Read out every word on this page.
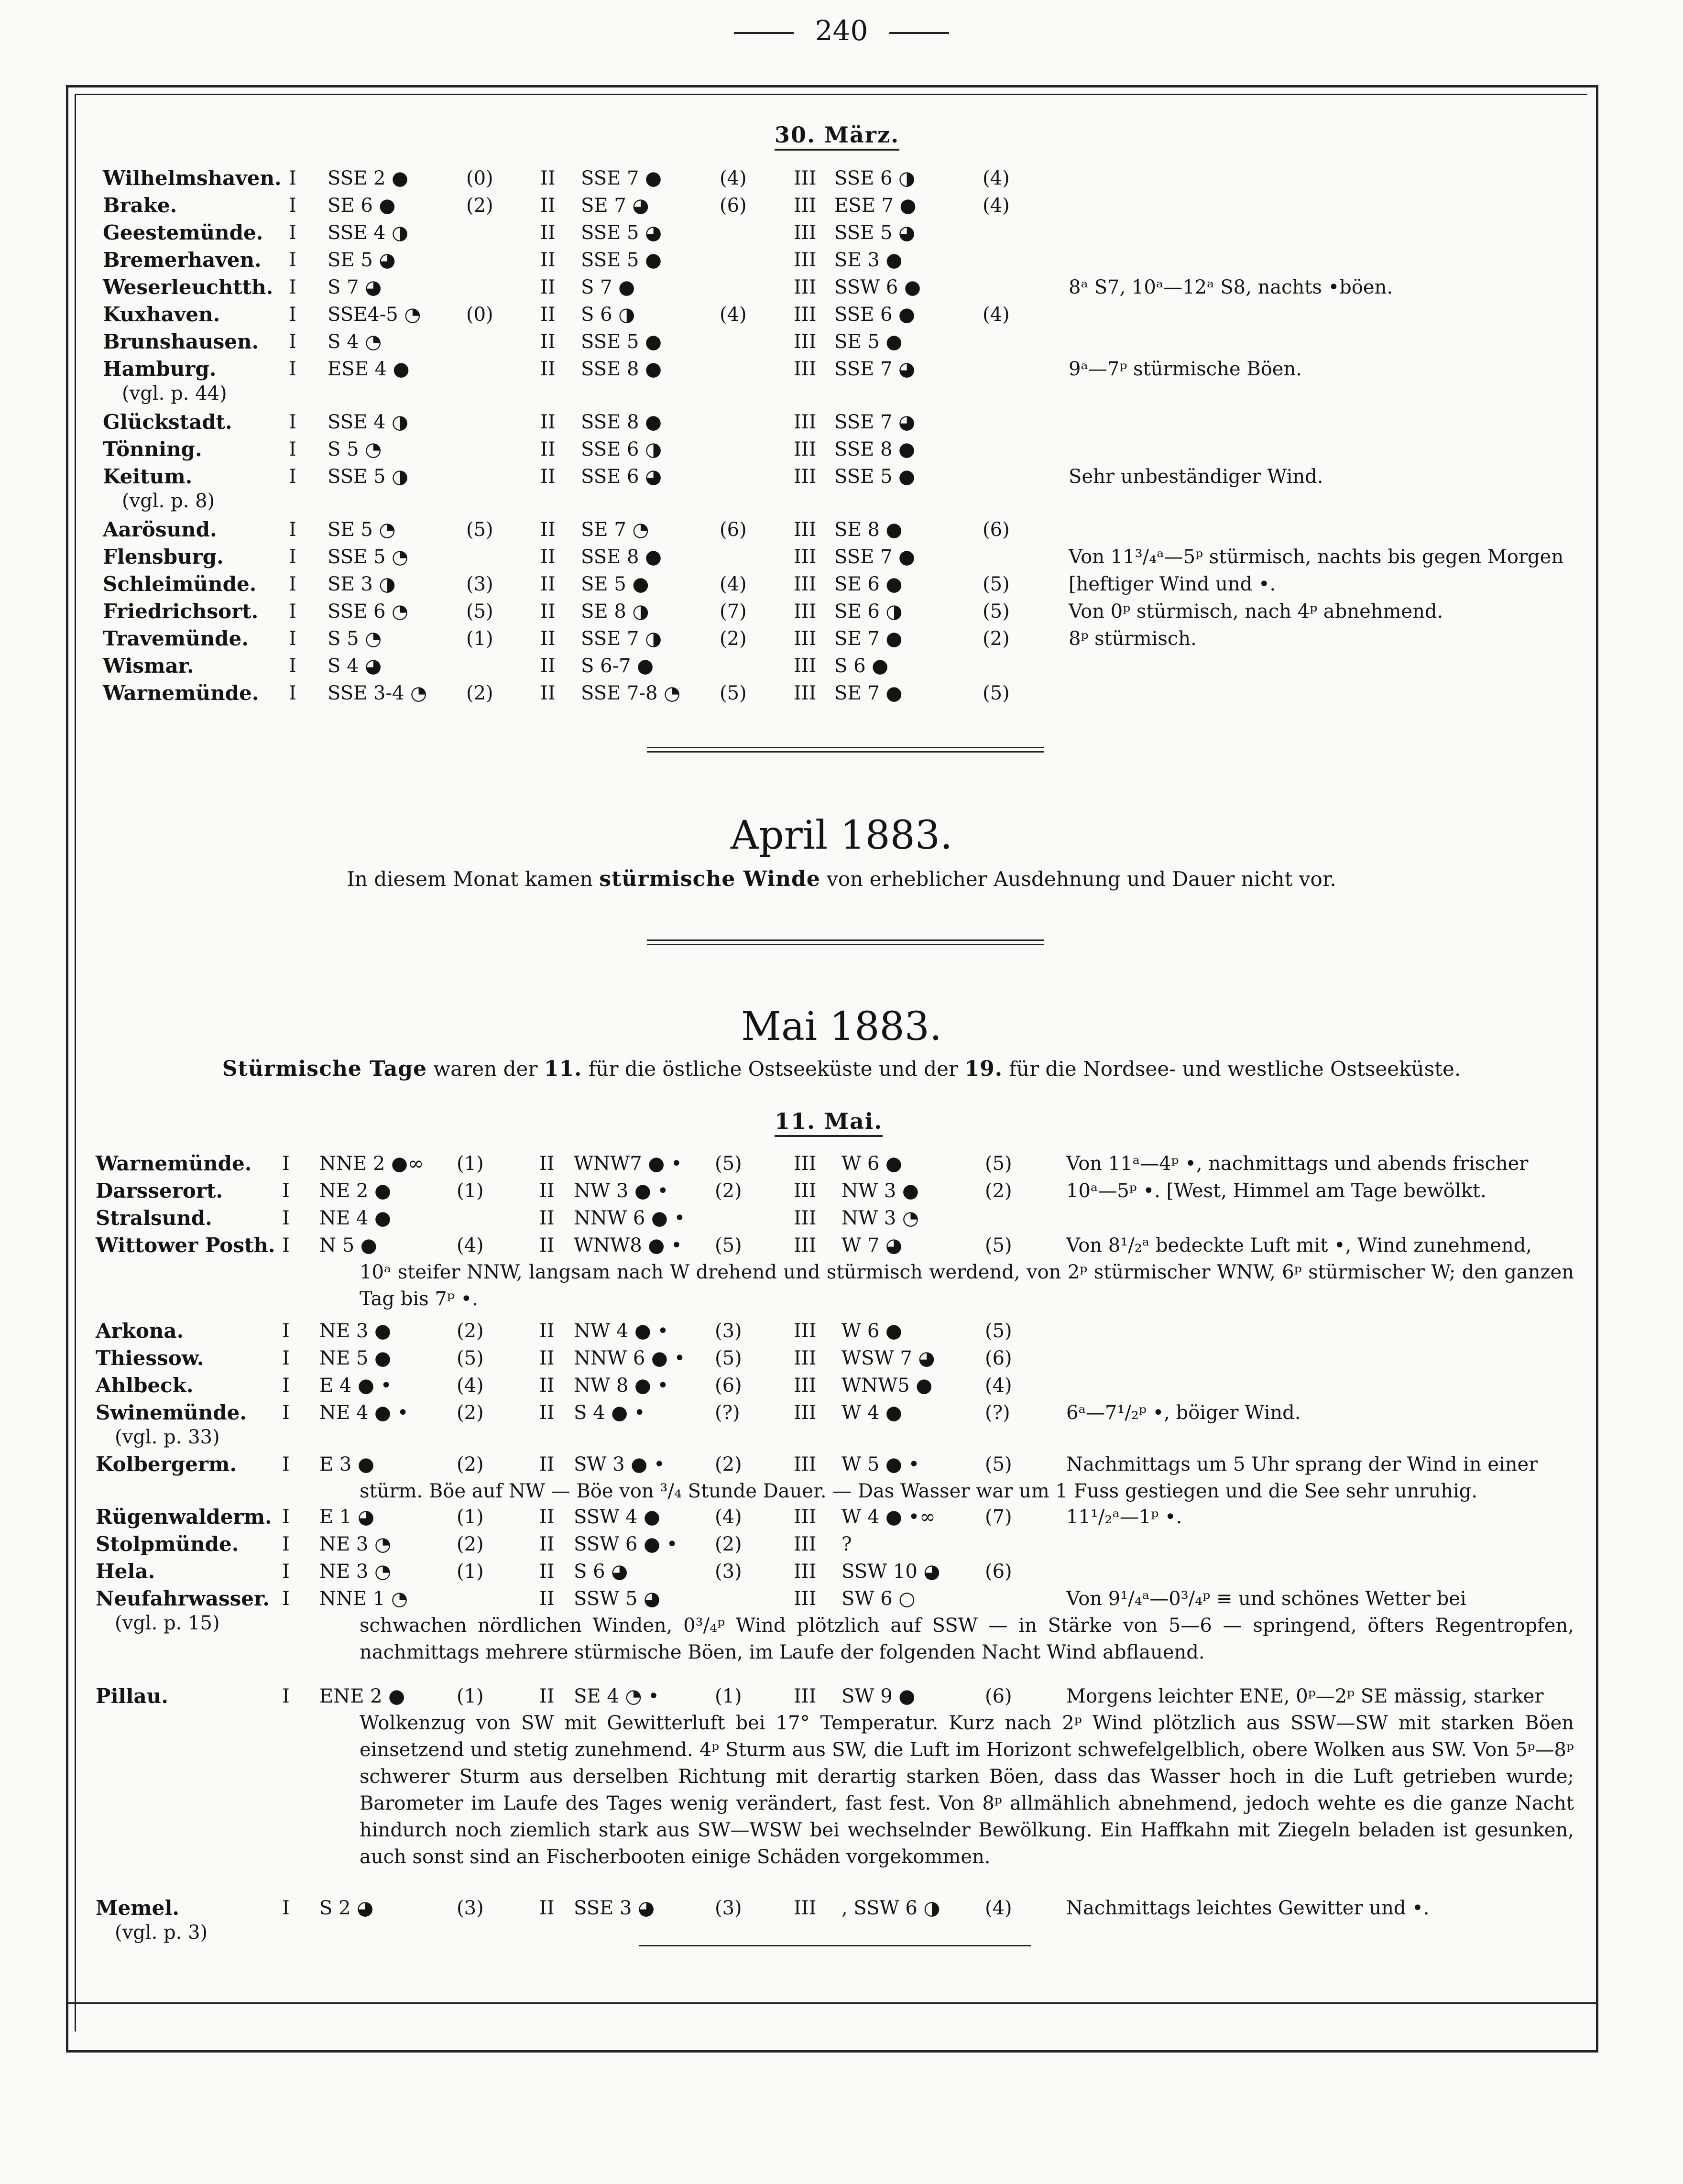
240
30. März.
Wilhelmshaven. I SSE 2 ●	(0) II SSE 7 ●	(4) III SSE 6 ◑	(4)
Brake.	I SE 6 ●	(2) II SE 7 ◕	(6) III ESE 7 ●	(4)
Geestemünde. I SSE 4 ◑	II SSE 5 ◕	III SSE 5 ◕
Bremerhaven. I SE 5 ◕	II SSE 5 ●	III SE 3 ●
Weserleuchtth. I S 7 ◕	II S 7 ●	III SSW 6 ●	8ᵃ S7, 10ᵃ—12ᵃ S8, nachts •böen.
Kuxhaven.	I SSE4-5 ◔ (0) II S 6 ◑	(4) III SSE 6 ●	(4)
Brunshausen. I S 4 ◔	II SSE 5 ●	III SE 5 ●
Hamburg.	I ESE 4 ●	II SSE 8 ●	III SSE 7 ◕	9ᵃ—7ᵖ stürmische Böen.
(vgl. p. 44)
Glückstadt.	I SSE 4 ◑	II SSE 8 ●	III SSE 7 ◕
Tönning.	I S 5 ◔	II SSE 6 ◑	III SSE 8 ●
Keitum.	I SSE 5 ◑	II SSE 6 ◕	III SSE 5 ●	Sehr unbeständiger Wind.
(vgl. p. 8)
Aarösund.	I SE 5 ◔	(5) II SE 7 ◔	(6) III SE 8 ●	(6)
Flensburg.	I SSE 5 ◔	II SSE 8 ●	III SSE 7 ●	Von 11³/₄ᵃ—5ᵖ stürmisch, nachts bis gegen Morgen
Schleimünde. I SE 3 ◑	(3) II SE 5 ●	(4) III SE 6 ●	(5)	[heftiger Wind und •.
Friedrichsort. I SSE 6 ◔	(5) II SE 8 ◑	(7) III SE 6 ◑	(5)	Von 0ᵖ stürmisch, nach 4ᵖ abnehmend.
Travemünde. I S 5 ◔	(1) II SSE 7 ◑	(2) III SE 7 ●	(2)	8ᵖ stürmisch.
Wismar.	I S 4 ◕	II S 6-7 ●	III S 6 ●
Warnemünde. I SSE 3-4 ◔ (2) II SSE 7-8 ◔ (5) III SE 7 ●	(5)
April 1883.
In diesem Monat kamen stürmische Winde von erheblicher Ausdehnung und Dauer nicht vor.
Mai 1883.
Stürmische Tage waren der 11. für die östliche Ostseeküste und der 19. für die Nordsee- und westliche Ostseeküste.
11. Mai.
Warnemünde. I NNE 2 ●∞ (1)	II WNW7 ● • (5)	III W 6 ●	(5)	Von 11ᵃ—4ᵖ •, nachmittags und abends frischer
Darsserort.	I NE 2 ●	(1)	II NW 3 ● • (2)	III NW 3 ●	(2)	10ᵃ—5ᵖ •. [West, Himmel am Tage bewölkt.
Stralsund.	I NE 4 ●	II NNW 6 ● •	III NW 3 ◔
Wittower Posth. I N 5 ●	(4)	II WNW8 ● • (5)	III W 7 ◕	(5)	Von 8¹/₂ᵃ bedeckte Luft mit •, Wind zunehmend,
10ᵃ steifer NNW, langsam nach W drehend und stürmisch werdend, von 2ᵖ stürmischer WNW, 6ᵖ stürmischer W; den ganzen Tag bis 7ᵖ •.
Arkona.	I NE 3 ●	(2)	II NW 4 ● • (3)	III W 6 ●	(5)
Thiessow.	I NE 5 ●	(5)	II NNW 6 ● • (5)	III WSW 7 ◕	(6)
Ahlbeck.	I E 4 ● •	(4)	II NW 8 ● • (6)	III WNW5 ●	(4)
Swinemünde. I NE 4 ● •	(2)	II S 4 ● •	(?)	III W 4 ●	(?)	6ᵃ—7¹/₂ᵖ •, böiger Wind.
(vgl. p. 33)
Kolbergerm. I E 3 ●	(2)	II SW 3 ● •	(2)	III W 5 ● •	(5)	Nachmittags um 5 Uhr sprang der Wind in einer
stürm. Böe auf NW — Böe von ³/₄ Stunde Dauer. — Das Wasser war um 1 Fuss gestiegen und die See sehr unruhig.
Rügenwalderm. I E 1 ◕	(1)	II SSW 4 ●	(4)	III W 4 ● •∞	(7)	11¹/₂ᵃ—1ᵖ •.
Stolpmünde. I NE 3 ◔	(2)	II SSW 6 ● • (2)	III ?
Hela.	I NE 3 ◔	(1)	II S 6 ◕	(3)	III SSW 10 ◕ (6)
Neufahrwasser. I NNE 1 ◔	II SSW 5 ◕	III SW 6 ○	Von 9¹/₄ᵃ—0³/₄ᵖ ≡ und schönes Wetter bei
(vgl. p. 15)	schwachen nördlichen Winden, 0³/₄ᵖ Wind plötzlich auf SSW — in Stärke von 5—6 — springend, öfters Regentropfen, nachmittags mehrere stürmische Böen, im Laufe der folgenden Nacht Wind abflauend.
Pillau.	I ENE 2 ●	(1)	II SE 4 ◔ •	(1)	III SW 9 ●	(6)	Morgens leichter ENE, 0ᵖ—2ᵖ SE mässig, starker
Wolkenzug von SW mit Gewitterluft bei 17° Temperatur. Kurz nach 2ᵖ Wind plötzlich aus SSW—SW mit starken Böen einsetzend und stetig zunehmend. 4ᵖ Sturm aus SW, die Luft im Horizont schwefelgelblich, obere Wolken aus SW. Von 5ᵖ—8ᵖ schwerer Sturm aus derselben Richtung mit derartig starken Böen, dass das Wasser hoch in die Luft getrieben wurde; Barometer im Laufe des Tages wenig verändert, fast fest. Von 8ᵖ allmählich abnehmend, jedoch wehte es die ganze Nacht hindurch noch ziemlich stark aus SW—WSW bei wechselnder Bewölkung. Ein Haffkahn mit Ziegeln beladen ist gesunken, auch sonst sind an Fischerbooten einige Schäden vorgekommen.
Memel.	I S 2 ◕	(3)	II SSE 3 ◕	(3)	III , SSW 6 ◑ (4)	Nachmittags leichtes Gewitter und •.
(vgl. p. 3)
